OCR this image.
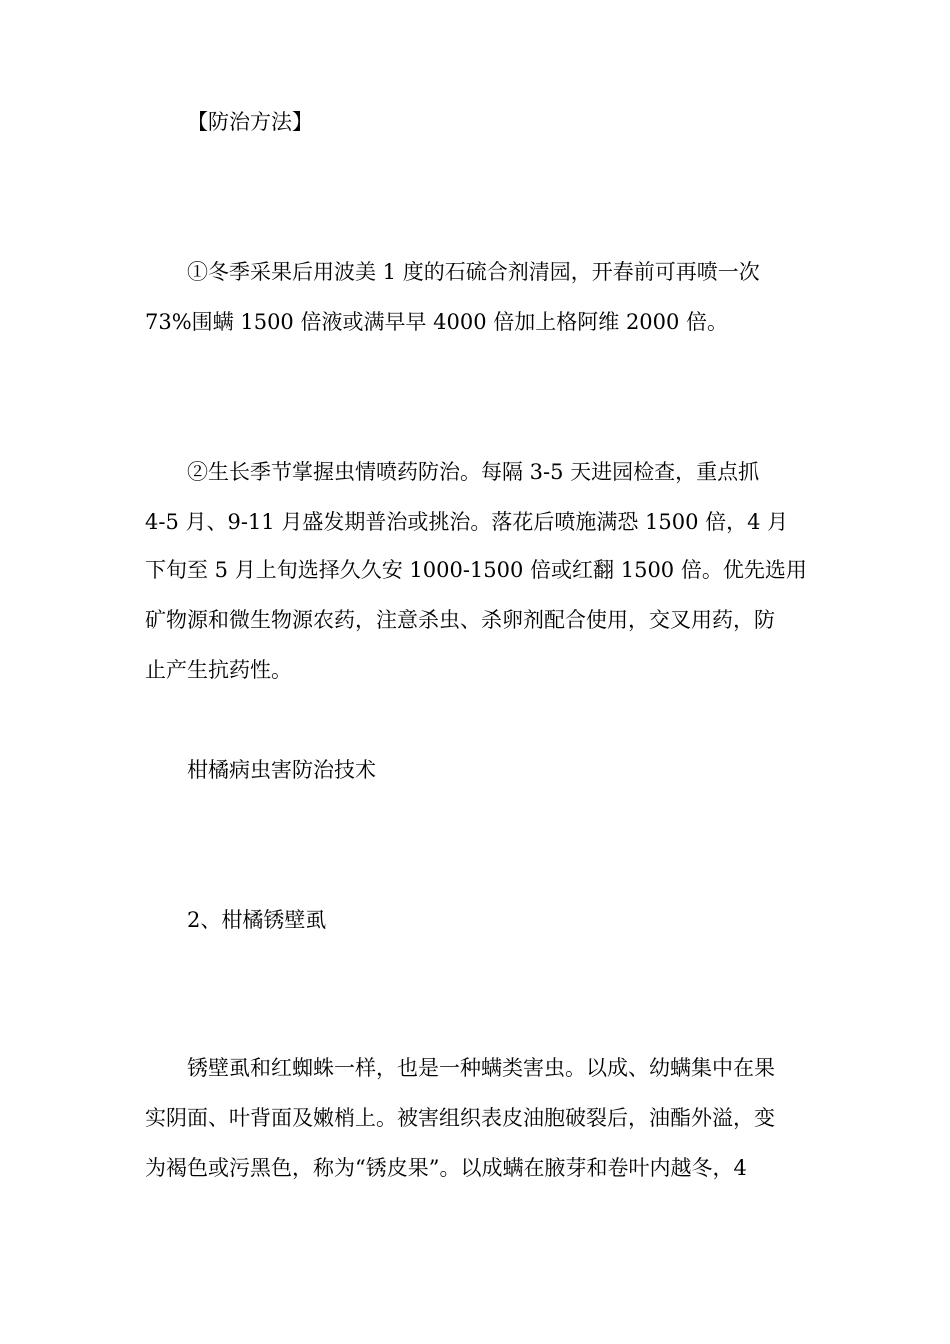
【防治方法】
①冬季采果后用波美 1 度的石硫合剂清园，开春前可再喷一次
73%围螨 1500 倍液或满早早 4000 倍加上格阿维 2000 倍。
②生长季节掌握虫情喷药防治。每隔 3-5 天进园检查，重点抓
4-5 月、9-11 月盛发期普治或挑治。落花后喷施满恐 1500 倍，4 月
下旬至 5 月上旬选择久久安 1000-1500 倍或红翻 1500 倍。优先选用
矿物源和微生物源农药，注意杀虫、杀卵剂配合使用，交叉用药，防
止产生抗药性。
柑橘病虫害防治技术
2、柑橘锈壁虱
锈壁虱和红蜘蛛一样，也是一种螨类害虫。以成、幼螨集中在果
实阴面、叶背面及嫩梢上。被害组织表皮油胞破裂后，油酯外溢，变
为褐色或污黑色，称为“锈皮果”。以成螨在腋芽和卷叶内越冬，4
